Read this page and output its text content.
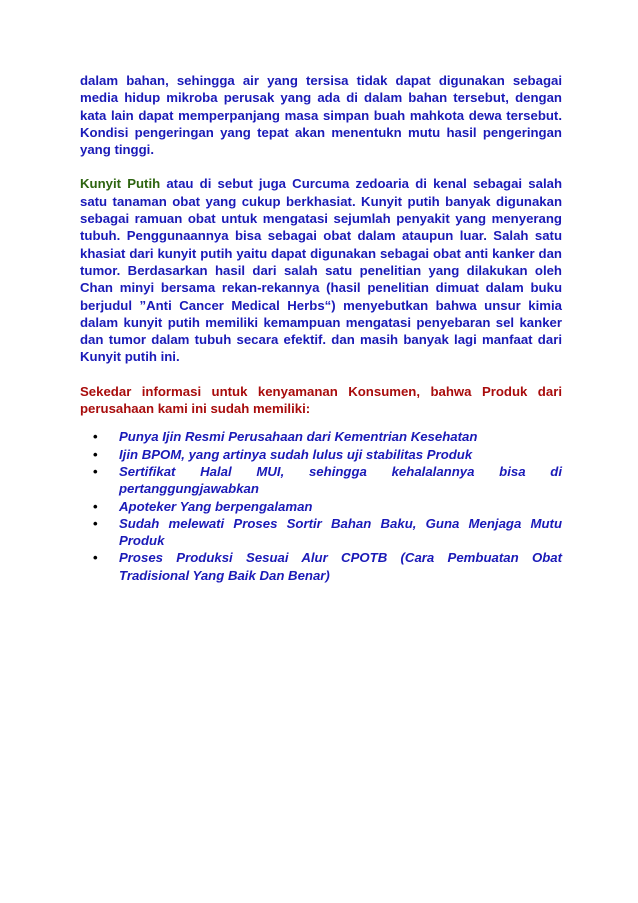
dalam bahan, sehingga air yang tersisa tidak dapat digunakan sebagai media hidup mikroba perusak yang ada di dalam bahan tersebut, dengan kata lain dapat memperpanjang masa simpan buah mahkota dewa tersebut. Kondisi pengeringan yang tepat akan menentukn mutu hasil pengeringan yang tinggi.

Kunyit Putih atau di sebut juga Curcuma zedoaria di kenal sebagai salah satu tanaman obat yang cukup berkhasiat. Kunyit putih banyak digunakan sebagai ramuan obat untuk mengatasi sejumlah penyakit yang menyerang tubuh. Penggunaannya bisa sebagai obat dalam ataupun luar. Salah satu khasiat dari kunyit putih yaitu dapat digunakan sebagai obat anti kanker dan tumor. Berdasarkan hasil dari salah satu penelitian yang dilakukan oleh Chan minyi bersama rekan-rekannya (hasil penelitian dimuat dalam buku berjudul ”Anti Cancer Medical Herbs“) menyebutkan bahwa unsur kimia dalam kunyit putih memiliki kemampuan mengatasi penyebaran sel kanker dan tumor dalam tubuh secara efektif. dan masih banyak lagi manfaat dari Kunyit putih ini.

Sekedar informasi untuk kenyamanan Konsumen, bahwa Produk dari perusahaan kami ini sudah memiliki:

• Punya Ijin Resmi Perusahaan dari Kementrian Kesehatan
• Ijin BPOM, yang artinya sudah lulus uji stabilitas Produk
• Sertifikat Halal MUI, sehingga kehalalannya bisa di pertanggungjawabkan
• Apoteker Yang berpengalaman
• Sudah melewati Proses Sortir Bahan Baku, Guna Menjaga Mutu Produk
• Proses Produksi Sesuai Alur CPOTB (Cara Pembuatan Obat Tradisional Yang Baik Dan Benar)
